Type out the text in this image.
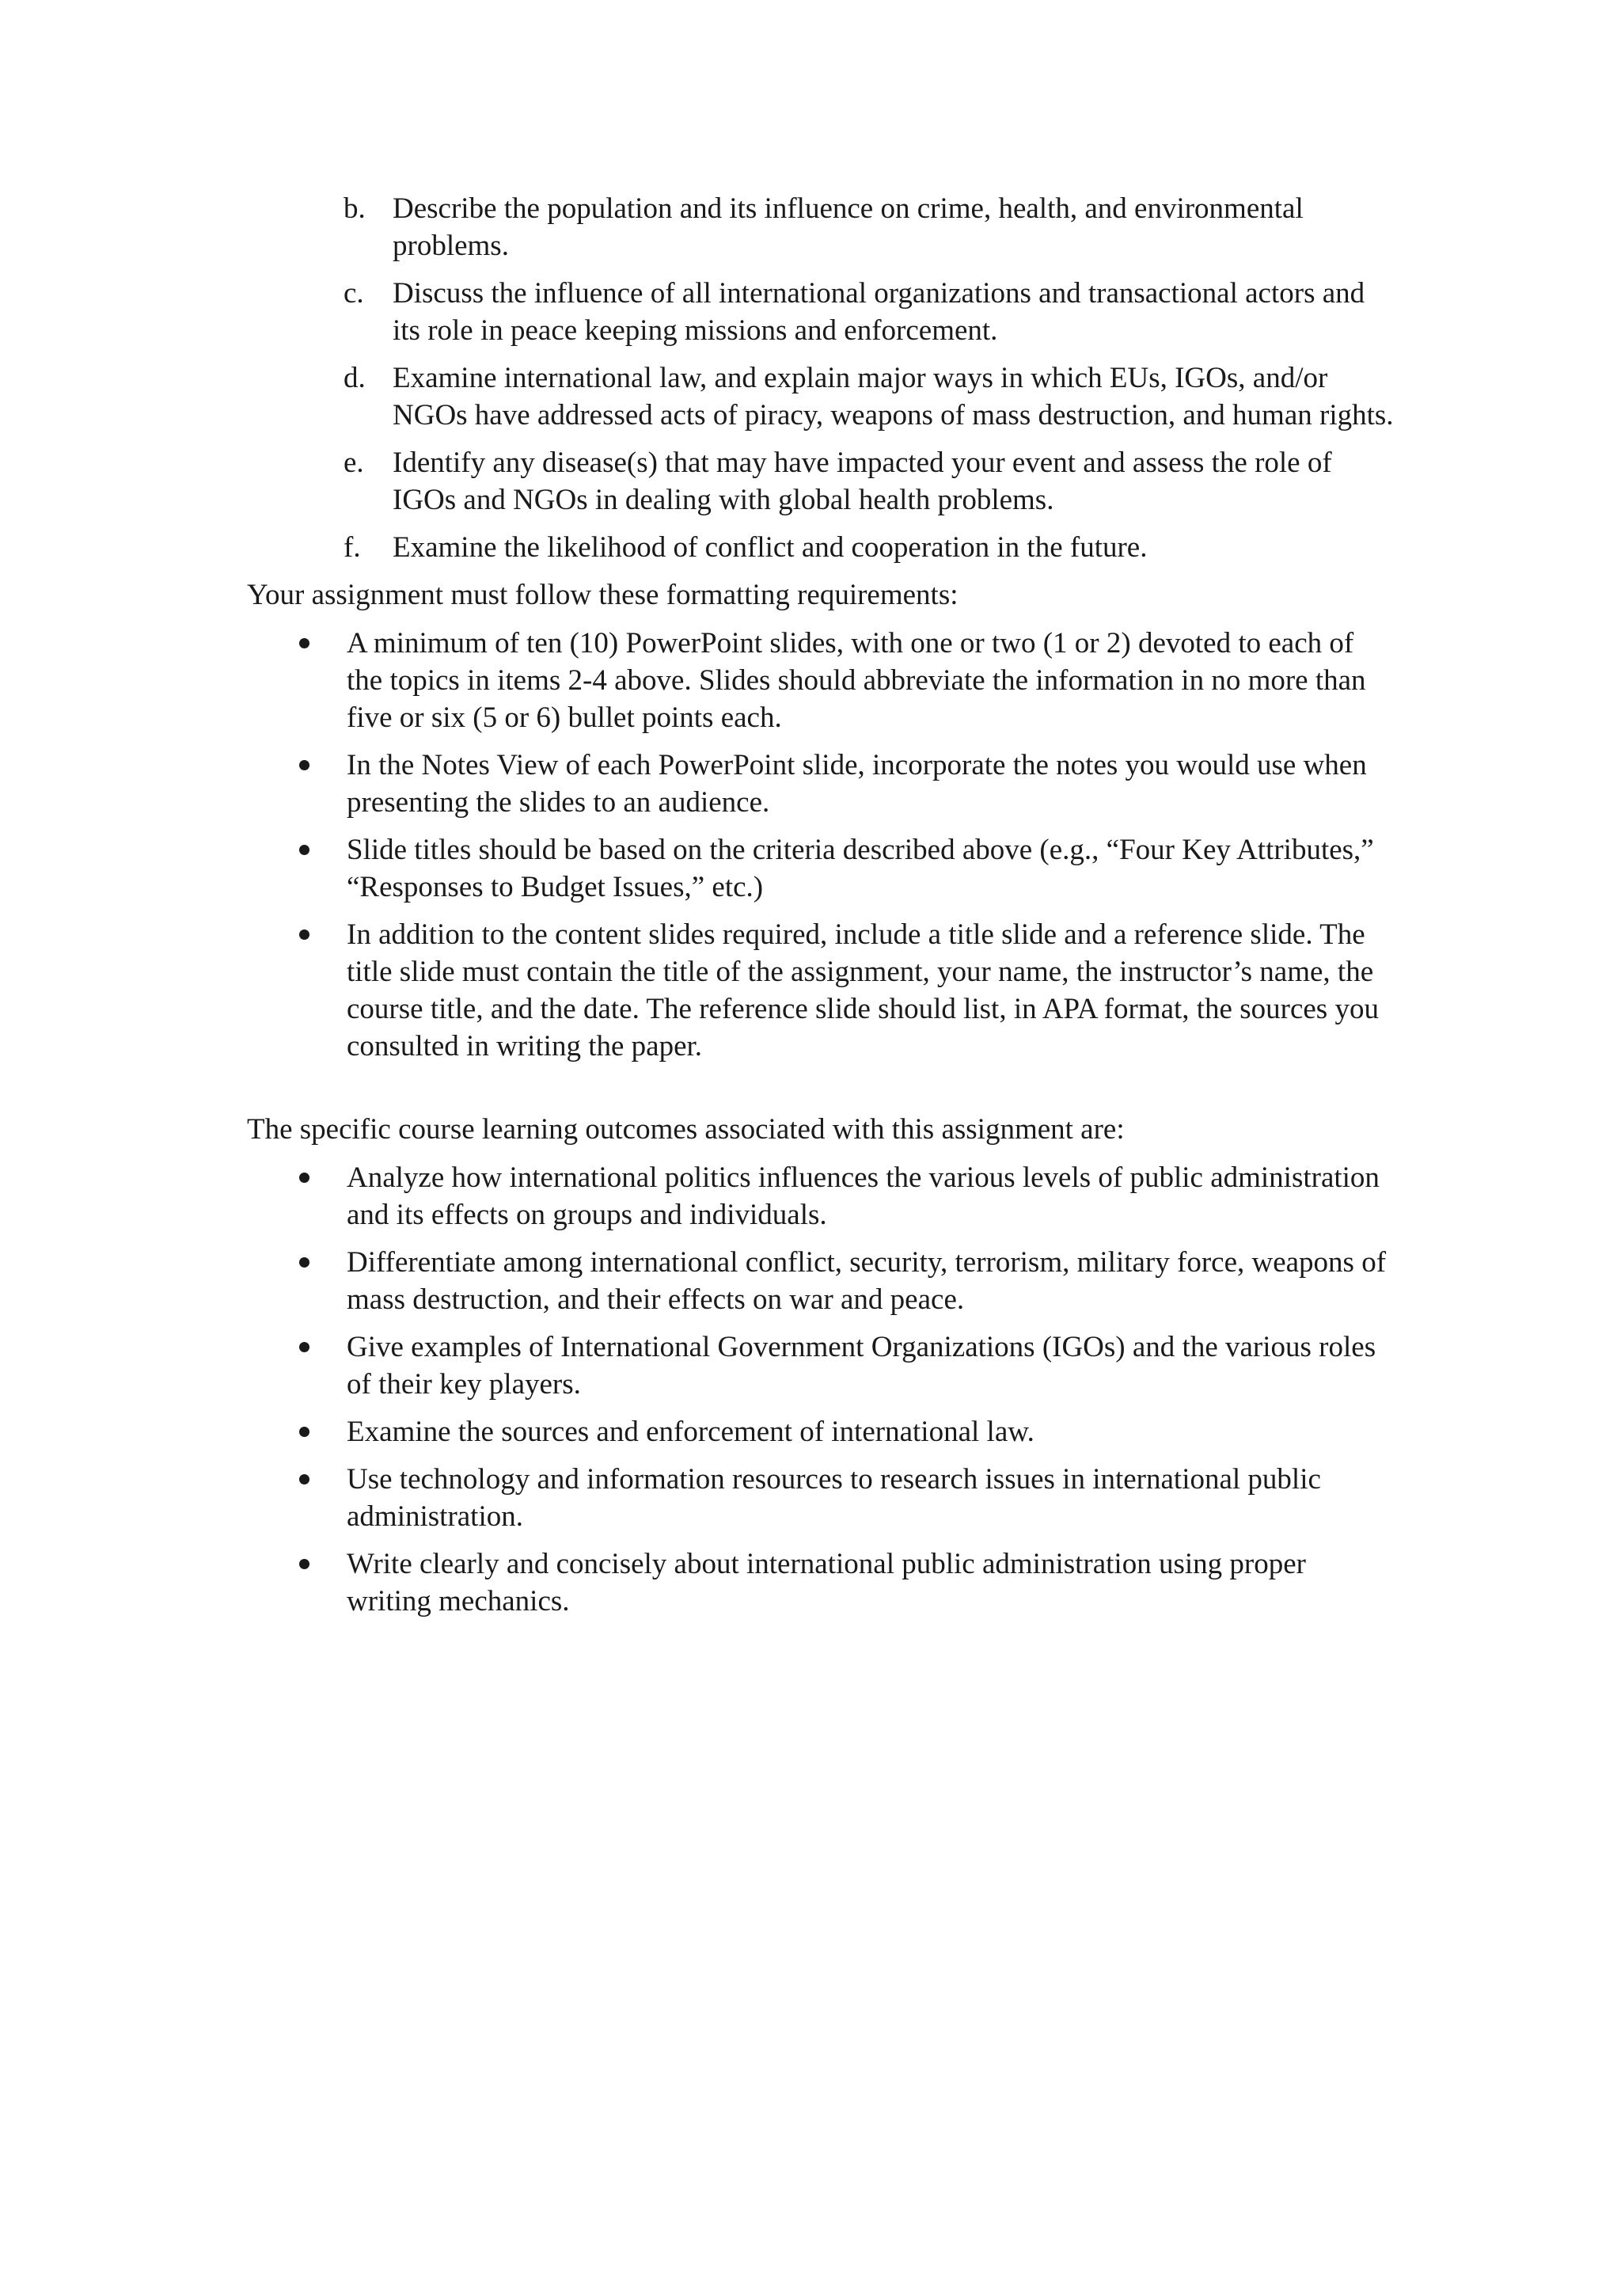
b. Describe the population and its influence on crime, health, and environmental problems.
c. Discuss the influence of all international organizations and transactional actors and its role in peace keeping missions and enforcement.
d. Examine international law, and explain major ways in which EUs, IGOs, and/or NGOs have addressed acts of piracy, weapons of mass destruction, and human rights.
e. Identify any disease(s) that may have impacted your event and assess the role of IGOs and NGOs in dealing with global health problems.
f. Examine the likelihood of conflict and cooperation in the future.

Your assignment must follow these formatting requirements:

A minimum of ten (10) PowerPoint slides, with one or two (1 or 2) devoted to each of the topics in items 2-4 above. Slides should abbreviate the information in no more than five or six (5 or 6) bullet points each.
In the Notes View of each PowerPoint slide, incorporate the notes you would use when presenting the slides to an audience.
Slide titles should be based on the criteria described above (e.g., “Four Key Attributes,” “Responses to Budget Issues,” etc.)
In addition to the content slides required, include a title slide and a reference slide. The title slide must contain the title of the assignment, your name, the instructor’s name, the course title, and the date. The reference slide should list, in APA format, the sources you consulted in writing the paper.

The specific course learning outcomes associated with this assignment are:

Analyze how international politics influences the various levels of public administration and its effects on groups and individuals.
Differentiate among international conflict, security, terrorism, military force, weapons of mass destruction, and their effects on war and peace.
Give examples of International Government Organizations (IGOs) and the various roles of their key players.
Examine the sources and enforcement of international law.
Use technology and information resources to research issues in international public administration.
Write clearly and concisely about international public administration using proper writing mechanics.
